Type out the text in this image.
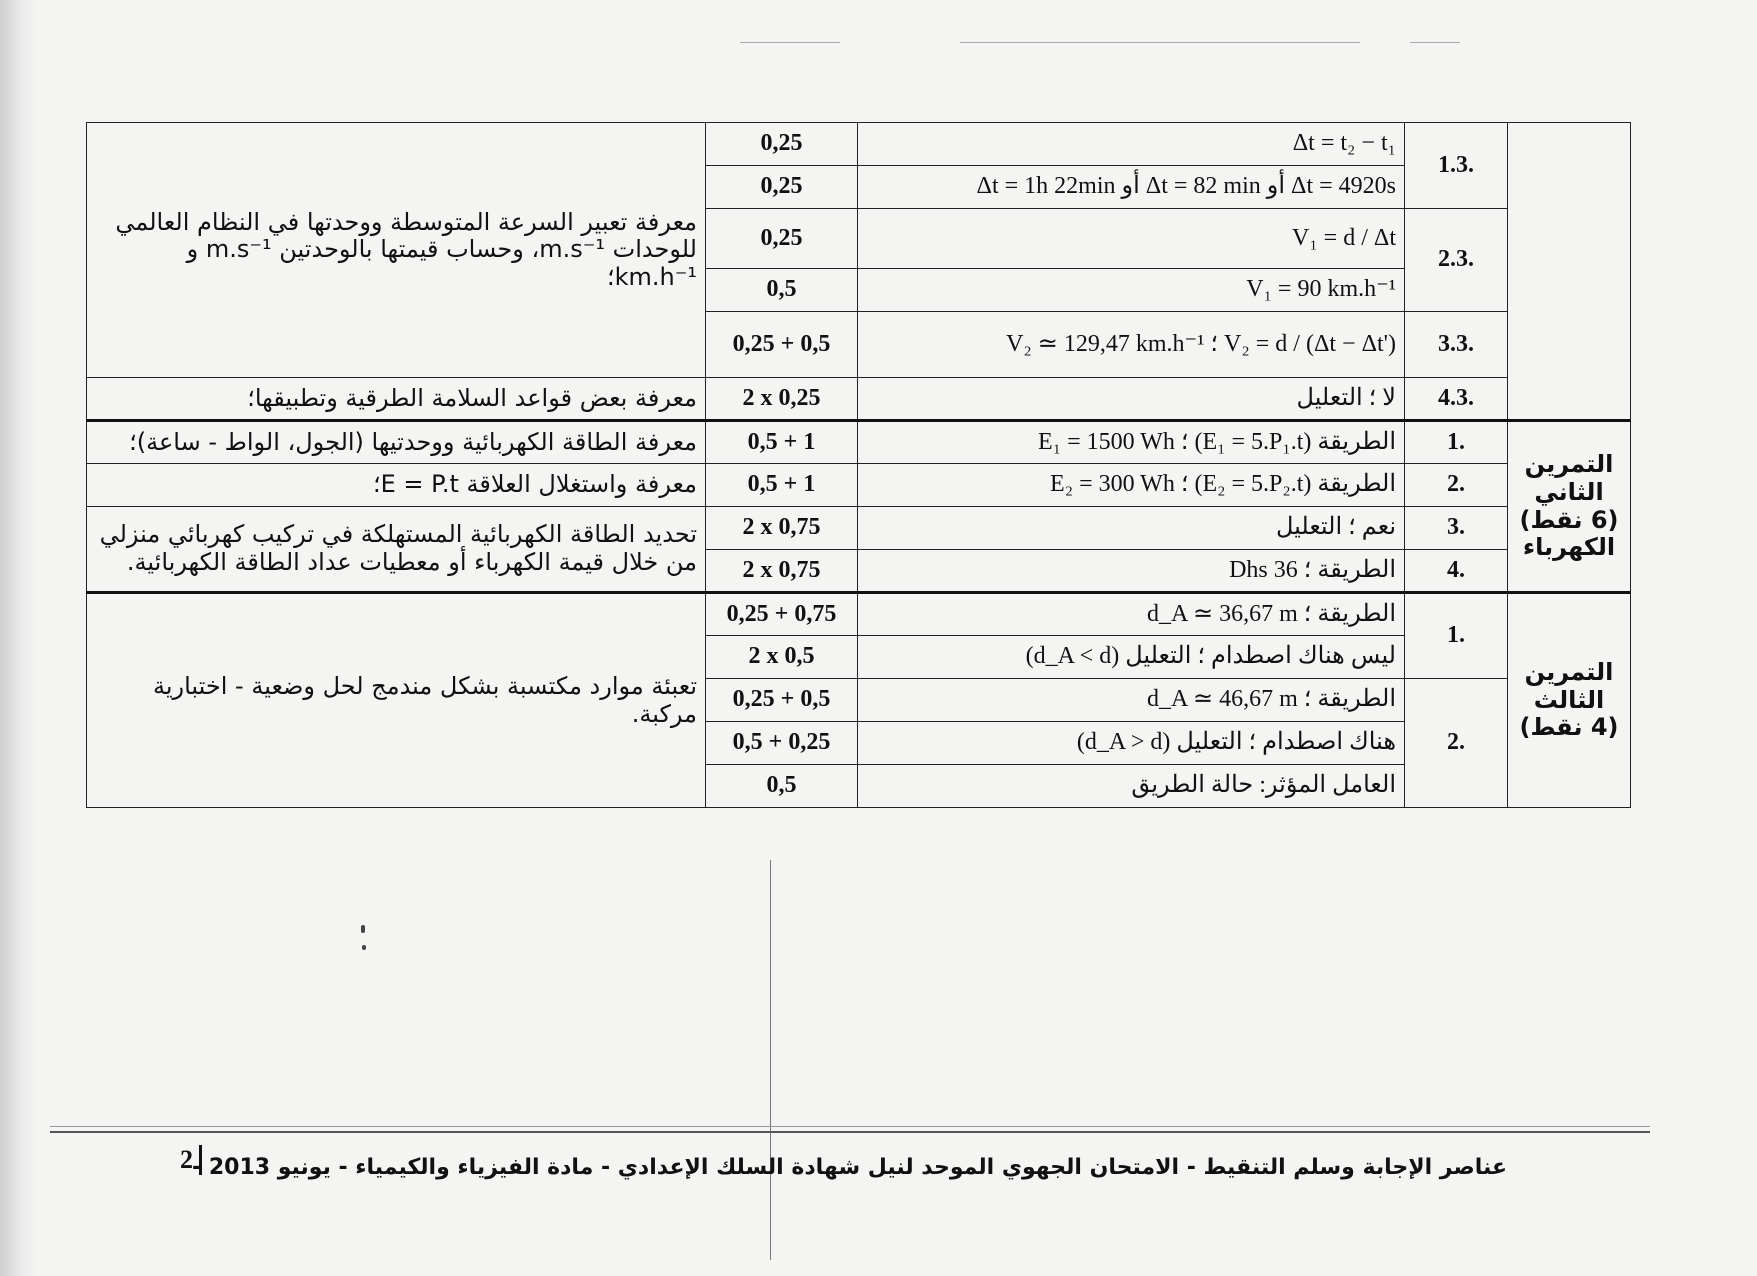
معرفة تعبير السرعة المتوسطة ووحدتها في النظام العالمي للوحدات m.s⁻¹، وحساب قيمتها بالوحدتين m.s⁻¹ و km.h⁻¹؛	0,25	Δt = t₂ − t₁	1.3.	
	0,25	Δt = 4920s أو Δt = 82 min أو Δt = 1h 22min		
	0,25	V₁ = d / Δt	2.3.	
	0,5	V₁ = 90 km.h⁻¹		
	0,25 + 0,5	V₂ = d / (Δt − Δt') ؛ V₂ ≃ 129,47 km.h⁻¹	3.3.	
معرفة بعض قواعد السلامة الطرقية وتطبيقها؛	2 x 0,25	لا ؛ التعليل	4.3.	
معرفة الطاقة الكهربائية ووحدتيها (الجول، الواط - ساعة)؛	0,5 + 1	الطريقة (E₁ = 5.P₁.t) ؛ E₁ = 1500 Wh	1.	التمرين
الثاني
(6 نقط)
الكهرباء

معرفة واستغلال العلاقة E = P.t؛	0,5 + 1	الطريقة (E₂ = 5.P₂.t) ؛ E₂ = 300 Wh	2.	
تحديد الطاقة الكهربائية المستهلكة في تركيب كهربائي منزلي من خلال قيمة الكهرباء أو معطيات عداد الطاقة الكهربائية.	2 x 0,75	نعم ؛ التعليل	3.	
	2 x 0,75	الطريقة ؛ 36 Dhs	4.	
تعبئة موارد مكتسبة بشكل مندمج لحل وضعية - اختبارية مركبة.	0,25 + 0,75	الطريقة ؛ d_A ≃ 36,67 m	1.	التمرين
الثالث
(4 نقط)

	2 x 0,5	ليس هناك اصطدام ؛ التعليل (d_A < d)		
	0,25 + 0,5	الطريقة ؛ d_A ≃ 46,67 m	2.	
	0,5 + 0,25	هناك اصطدام ؛ التعليل (d_A > d)		
	0,5	العامل المؤثر: حالة الطريق		
2 عناصر الإجابة وسلم التنقيط - الامتحان الجهوي الموحد لنيل شهادة السلك الإعدادي - مادة الفيزياء والكيمياء - يونيو 2013 -
